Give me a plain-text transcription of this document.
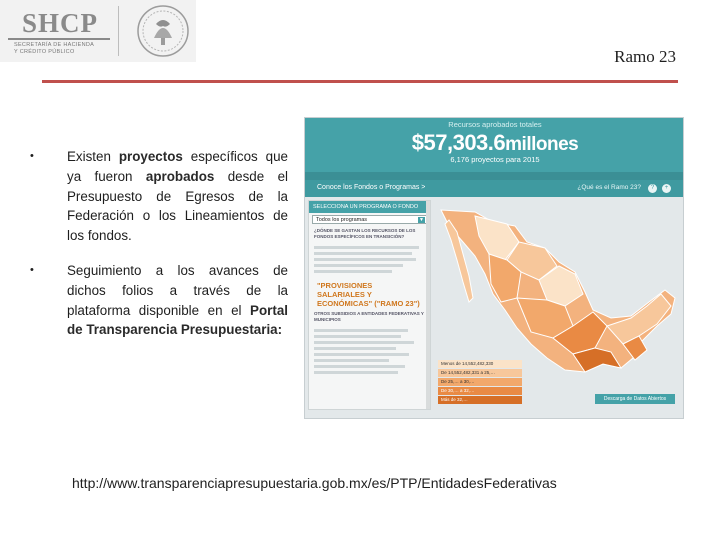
SHCP
SECRETARÍA DE HACIENDA
Y CRÉDITO PÚBLICO	Ramo 23
• Existen proyectos específicos que ya fueron aprobados desde el Presupuesto de Egresos de la Federación o los Lineamientos de los fondos.
• Seguimiento a los avances de dichos folios a través de la plataforma disponible en el Portal de Transparencia Presupuestaria:
Recursos aprobados totales
$57,303.6millones
6,176 proyectos para 2015
Conoce los Fondos o Programas >	¿Qué es el Ramo 23?	?	+
SELECCIONA UN PROGRAMA O FONDO
Todos los programas	▼
¿DÓNDE SE GASTAN LOS RECURSOS DE LOS FONDOS ESPECÍFICOS EN TRANSICIÓN?
"PROVISIONES SALARIALES Y ECONÓMICAS" ("RAMO 23")
OTROS SUBSIDIOS A ENTIDADES FEDERATIVAS Y MUNICIPIOS
Menos de 14,552,482,330
De 14,552,482,331 a 25,…
De 25,… a 30,…
De 30,… a 32,…
Más de 32,…	Descarga de Datos Abiertos
http://www.transparenciapresupuestaria.gob.mx/es/PTP/EntidadesFederativas
